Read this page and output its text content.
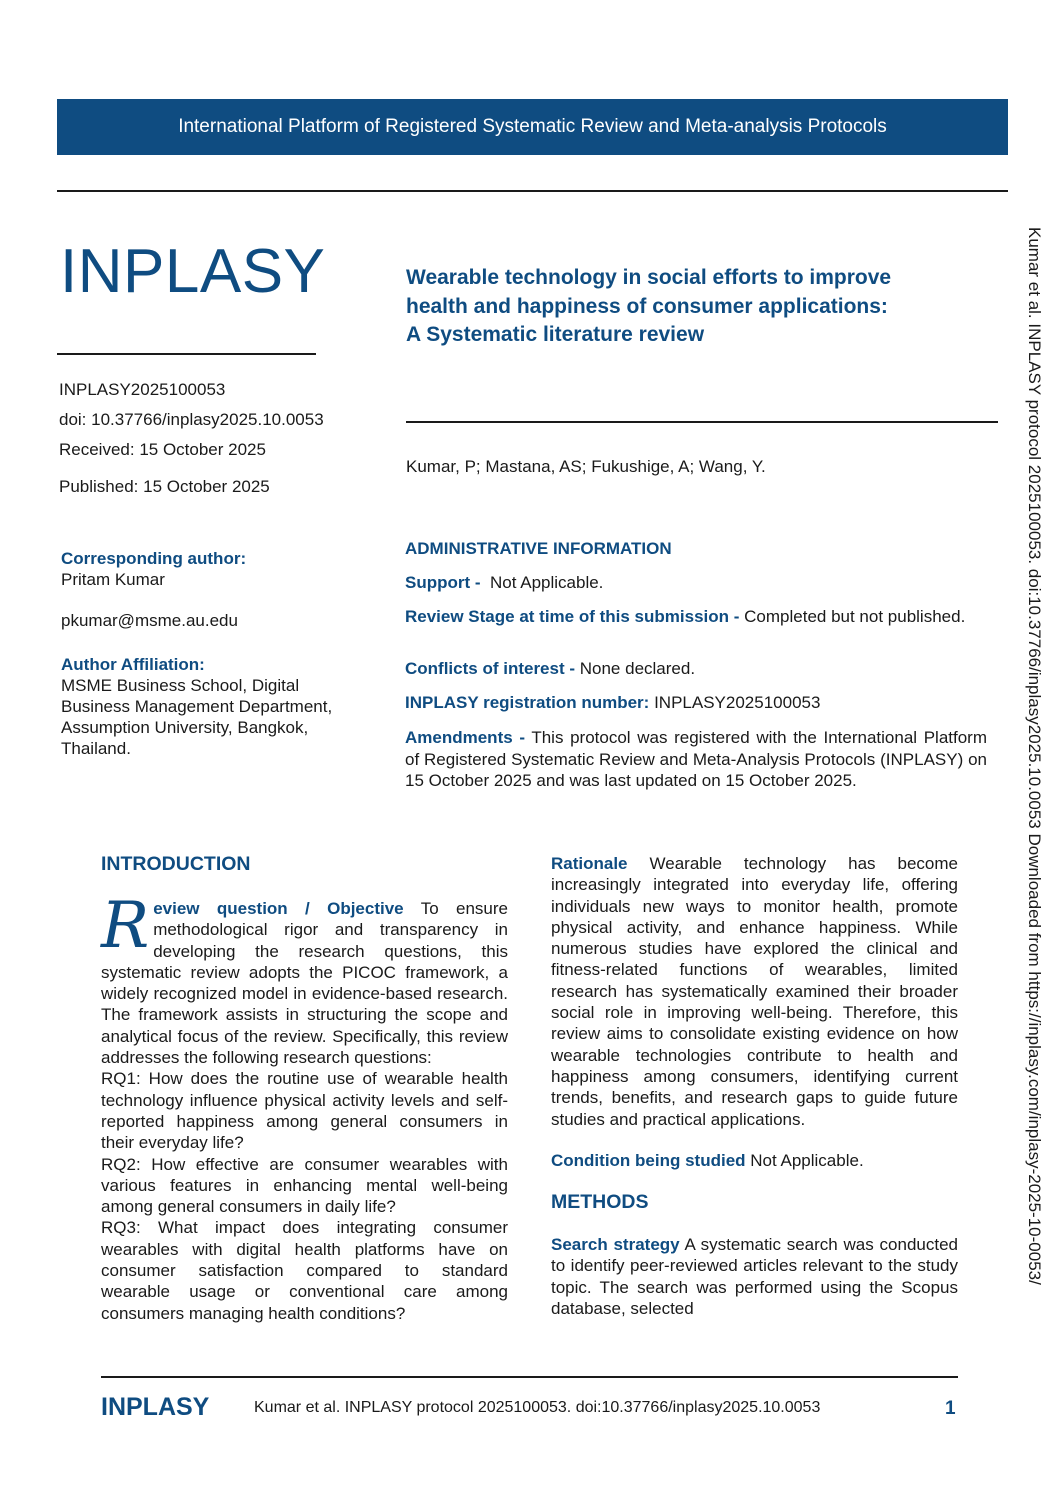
International Platform of Registered Systematic Review and Meta-analysis Protocols
INPLASY	Wearable technology in social efforts to improve
health and happiness of consumer applications:
A Systematic literature review
INPLASY2025100053
doi: 10.37766/inplasy2025.10.0053
Received: 15 October 2025
Published: 15 October 2025
Kumar, P; Mastana, AS; Fukushige, A; Wang, Y.
Corresponding author:
Pritam Kumar
pkumar@msme.au.edu
Author Affiliation:
MSME Business School, Digital
Business Management Department,
Assumption University, Bangkok,
Thailand.
ADMINISTRATIVE INFORMATION
Support - Not Applicable.
Review Stage at time of this submission - Completed but not published.
Conflicts of interest - None declared.
INPLASY registration number: INPLASY2025100053
Amendments - This protocol was registered with the International Platform of Registered Systematic Review and Meta-Analysis Protocols (INPLASY) on 15 October 2025 and was last updated on 15 October 2025.
INTRODUCTION
Review question / Objective To ensure methodological rigor and transparency in developing the research questions, this systematic review adopts the PICOC framework, a widely recognized model in evidence-based research. The framework assists in structuring the scope and analytical focus of the review. Specifically, this review addresses the following research questions:
RQ1: How does the routine use of wearable health technology influence physical activity levels and self-reported happiness among general consumers in their everyday life?
RQ2: How effective are consumer wearables with various features in enhancing mental well-being among general consumers in daily life?
RQ3: What impact does integrating consumer wearables with digital health platforms have on consumer satisfaction compared to standard wearable usage or conventional care among consumers managing health conditions?
Rationale Wearable technology has become increasingly integrated into everyday life, offering individuals new ways to monitor health, promote physical activity, and enhance happiness. While numerous studies have explored the clinical and fitness-related functions of wearables, limited research has systematically examined their broader social role in improving well-being. Therefore, this review aims to consolidate existing evidence on how wearable technologies contribute to health and happiness among consumers, identifying current trends, benefits, and research gaps to guide future studies and practical applications.
Condition being studied Not Applicable.
METHODS
Search strategy A systematic search was conducted to identify peer-reviewed articles relevant to the study topic. The search was performed using the Scopus database, selected
Kumar et al. INPLASY protocol 2025100053. doi:10.37766/inplasy2025.10.0053 Downloaded from https://inplasy.com/inplasy-2025-10-0053/
INPLASY	Kumar et al. INPLASY protocol 2025100053. doi:10.37766/inplasy2025.10.0053	1
